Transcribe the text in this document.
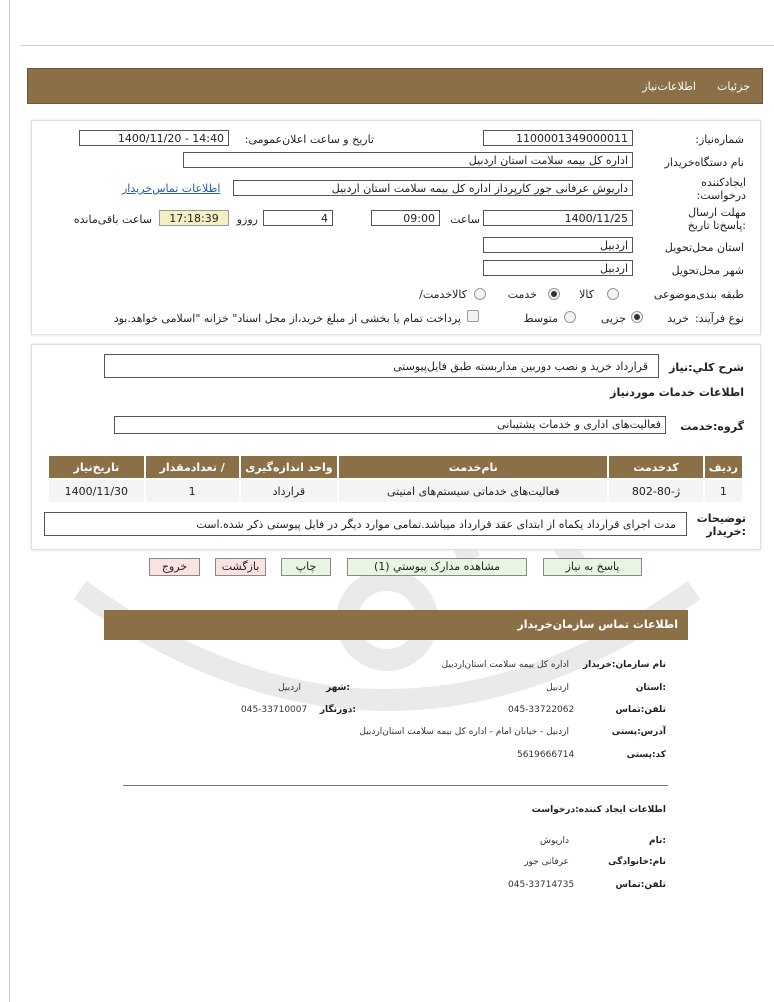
جزئیات
اطلاعات‌نیاز
شماره‌نیاز:
1100001349000011
تاریخ و ساعت اعلان‌عمومی:
1400/11/20 - 14:40
نام دستگاه‌خریدار
اداره کل بیمه سلامت استان اردبیل
ایجادکننده درخواست:
داریوش عرفانی جور کارپرداز اداره کل بیمه سلامت استان اردبیل
اطلاعات تماس‌خریدار
مهلت ارسال :پاسخ‌تا تاریخ
1400/11/25
ساعت
09:00
4
روزو
17:18:39
ساعت باقی‌مانده
استان محل‌تحویل
اردبیل
شهر محل‌تحویل
اردبیل
طبقه بندی‌موضوعی
کالا
خدمت
کالاخدمت/
نوع فرآیند:
خرید
جزیی
متوسط
پرداخت تمام یا بخشی از مبلغ خرید،از محل اسناد" خزانه "اسلامی خواهد.بود
شرح کلي:نیاز
قرارداد خرید و نصب دوربین مداربسته طبق فایل‌پیوستی
اطلاعات خدمات موردنیاز
گروه:خدمت
فعالیت‌های اداری و خدمات پشتیبانی
ردیف	کدخدمت	نام‌خدمت	واحد اندازه‌گیری	/ تعدادمقدار	تاریخ‌نیاز
1	ژ-80-802	فعالیت‌های خدماتی سیستم‌های امنیتی	قرارداد	1	1400/11/30
توضیحات :خریدار
مدت اجرای قرارداد یکماه از ابتدای عقد قرارداد میباشد.تمامی موارد دیگر در فایل پیوستی ذکر شده.است
پاسخ به نیاز
مشاهده مدارک پیوستي (1)
چاپ
بازگشت
خروج
اطلاعات تماس سازمان‌خریدار
نام سازمان:خریدار
اداره کل بیمه سلامت استان‌اردبیل
:استان
اردبیل
:شهر
اردبیل
تلفن:تماس
045-33722062
:دورنگار
045-33710007
آدرس:پستی
اردبیل - خیابان امام - اداره کل بیمه سلامت استان‌اردبیل
کد:پستی
5619666714
اطلاعات ایجاد کننده:درخواست
:نام
داریوش
نام:خانوادگی
عرفانی جور
تلفن:تماس
045-33714735
